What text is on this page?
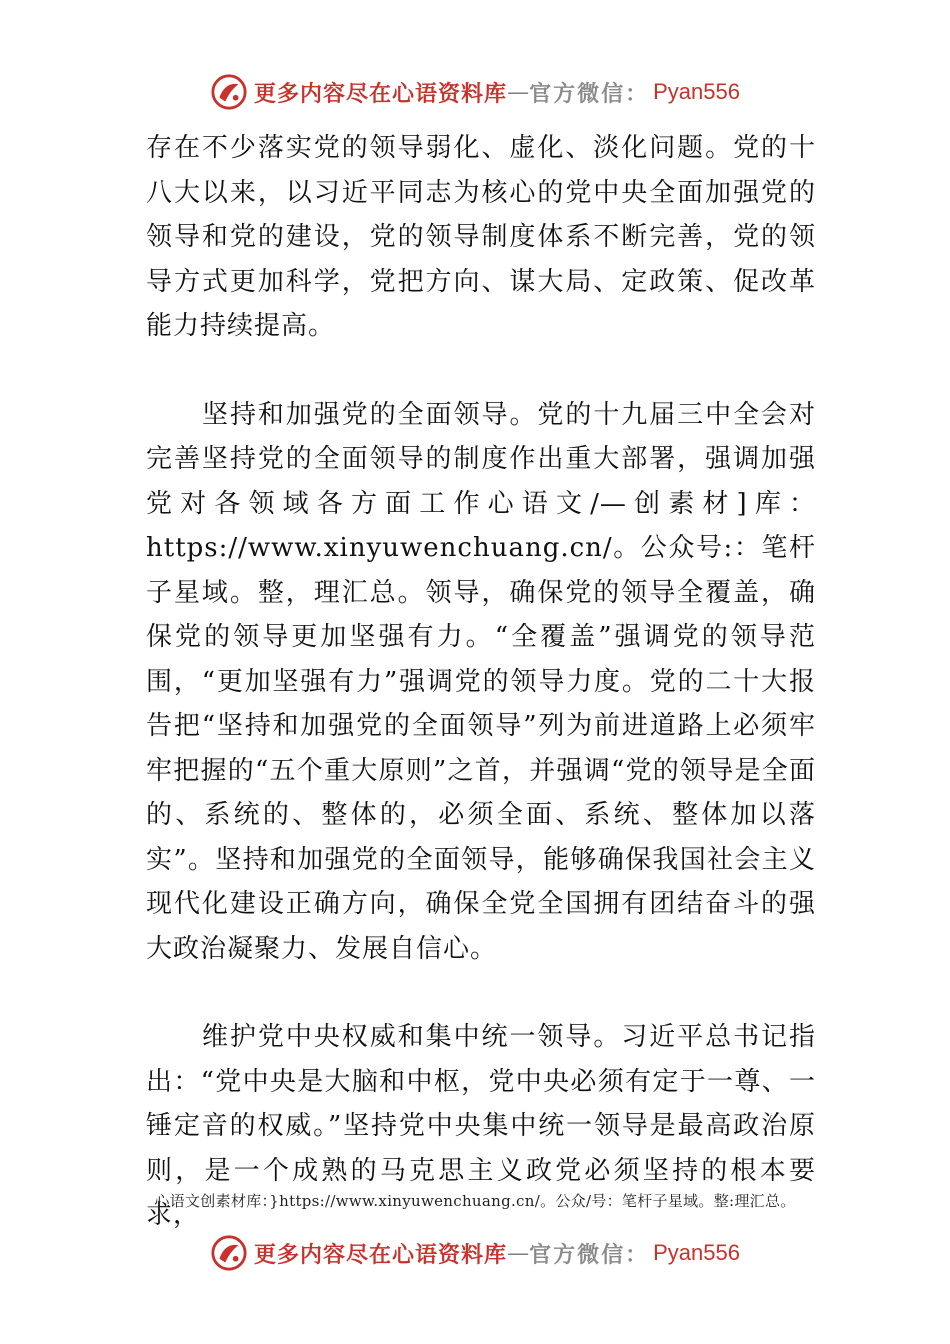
更多内容尽在心语资料库 — 官方微信： Pyan556

存在不少落实党的领导弱化、虚化、淡化问题。党的十八大以来，以习近平同志为核心的党中央全面加强党的领导和党的建设，党的领导制度体系不断完善，党的领导方式更加科学，党把方向、谋大局、定政策、促改革能力持续提高。

坚持和加强党的全面领导。党的十九届三中全会对完善坚持党的全面领导的制度作出重大部署，强调加强党对各领域各方面工作心语文/—创素材]库：https://www.xinyuwenchuang.cn/。公众号:：笔杆子星域。整，理汇总。领导，确保党的领导全覆盖，确保党的领导更加坚强有力。“全覆盖”强调党的领导范围，“更加坚强有力”强调党的领导力度。党的二十大报告把“坚持和加强党的全面领导”列为前进道路上必须牢牢把握的“五个重大原则”之首，并强调“党的领导是全面的、系统的、整体的，必须全面、系统、整体加以落实”。坚持和加强党的全面领导，能够确保我国社会主义现代化建设正确方向，确保全党全国拥有团结奋斗的强大政治凝聚力、发展自信心。

维护党中央权威和集中统一领导。习近平总书记指出：“党中央是大脑和中枢，党中央必须有定于一尊、一锤定音的权威。”坚持党中央集中统一领导是最高政治原则，是一个成熟的马克思主义政党必须坚持的根本要求，

心语文创素材库：}https://www.xinyuwenchuang.cn/。公众/号：笔杆子星域。整:理汇总。
更多内容尽在心语资料库 — 官方微信： Pyan556
